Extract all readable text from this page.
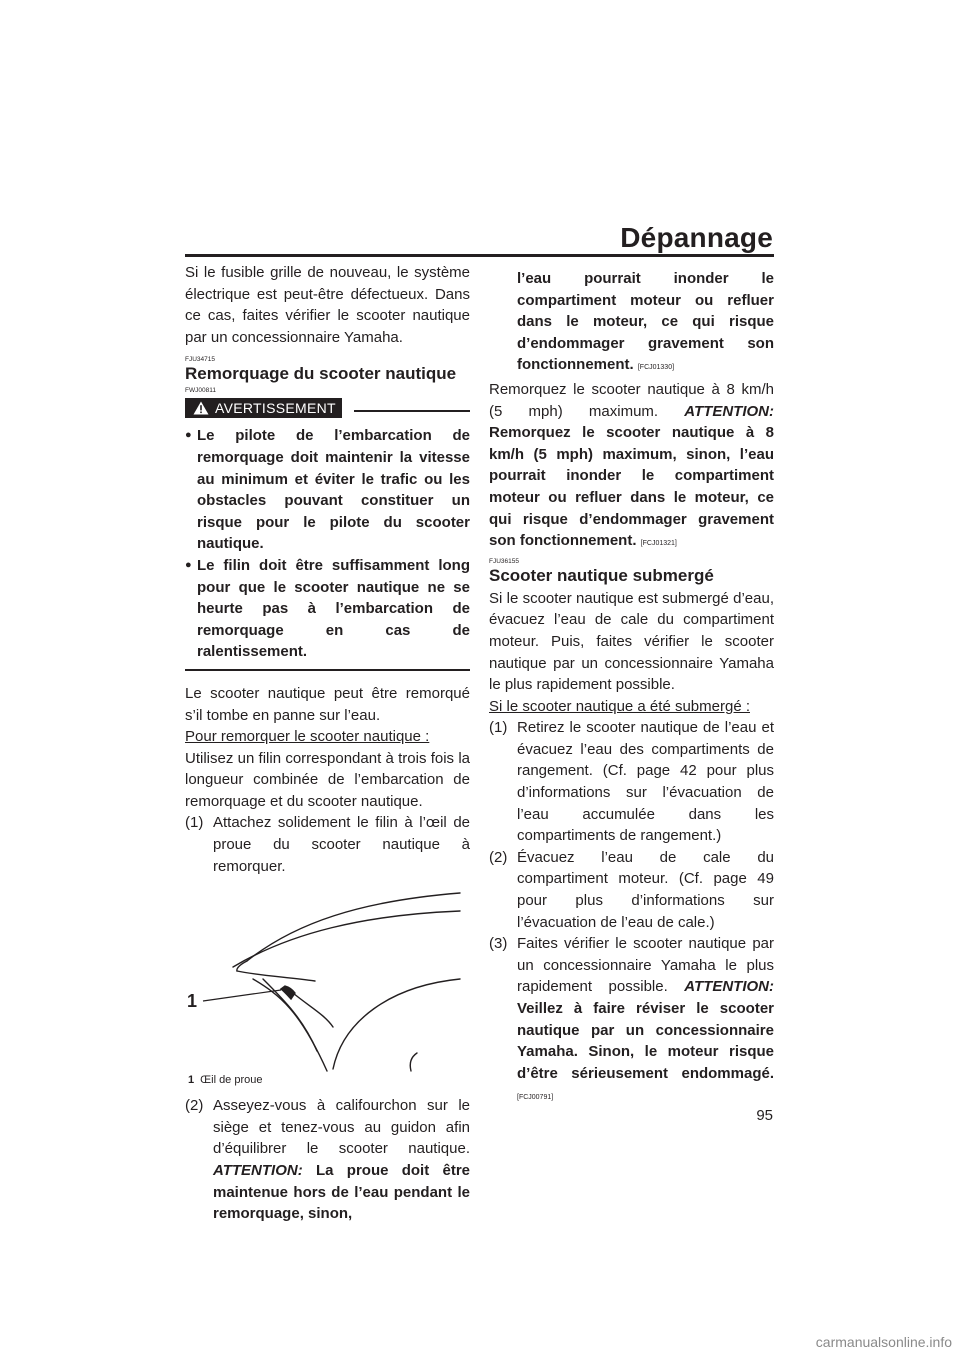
Dépannage

Si le fusible grille de nouveau, le système électrique est peut-être défectueux. Dans ce cas, faites vérifier le scooter nautique par un concessionnaire Yamaha.

FJU34715
Remorquage du scooter nautique
FWJ00811
AVERTISSEMENT
● Le pilote de l’embarcation de remorquage doit maintenir la vitesse au minimum et éviter le trafic ou les obstacles pouvant constituer un risque pour le pilote du scooter nautique.
● Le filin doit être suffisamment long pour que le scooter nautique ne se heurte pas à l’embarcation de remorquage en cas de ralentissement.

Le scooter nautique peut être remorqué s’il tombe en panne sur l’eau.

Pour remorquer le scooter nautique :

Utilisez un filin correspondant à trois fois la longueur combinée de l’embarcation de remorquage et du scooter nautique.

(1) Attachez solidement le filin à l’œil de proue du scooter nautique à remorquer.
1
1 Œil de proue
(2) Asseyez-vous à califourchon sur le siège et tenez-vous au guidon afin d’équilibrer le scooter nautique. ATTENTION: La proue doit être maintenue hors de l’eau pendant le remorquage, sinon,
l’eau pourrait inonder le compartiment moteur ou refluer dans le moteur, ce qui risque d’endommager gravement son fonctionnement. [FCJ01330]

Remorquez le scooter nautique à 8 km/h (5 mph) maximum. ATTENTION: Remorquez le scooter nautique à 8 km/h (5 mph) maximum, sinon, l’eau pourrait inonder le compartiment moteur ou refluer dans le moteur, ce qui risque d’endommager gravement son fonctionnement. [FCJ01321]

FJU36155
Scooter nautique submergé

Si le scooter nautique est submergé d’eau, évacuez l’eau de cale du compartiment moteur. Puis, faites vérifier le scooter nautique par un concessionnaire Yamaha le plus rapidement possible.

Si le scooter nautique a été submergé :

(1) Retirez le scooter nautique de l’eau et évacuez l’eau des compartiments de rangement. (Cf. page 42 pour plus d’informations sur l’évacuation de l’eau accumulée dans les compartiments de rangement.)
(2) Évacuez l’eau de cale du compartiment moteur. (Cf. page 49 pour plus d’informations sur l’évacuation de l’eau de cale.)
(3) Faites vérifier le scooter nautique par un concessionnaire Yamaha le plus rapidement possible. ATTENTION: Veillez à faire réviser le scooter nautique par un concessionnaire Yamaha. Sinon, le moteur risque d’être sérieusement endommagé. [FCJ00791]
95
carmanualsonline.info
